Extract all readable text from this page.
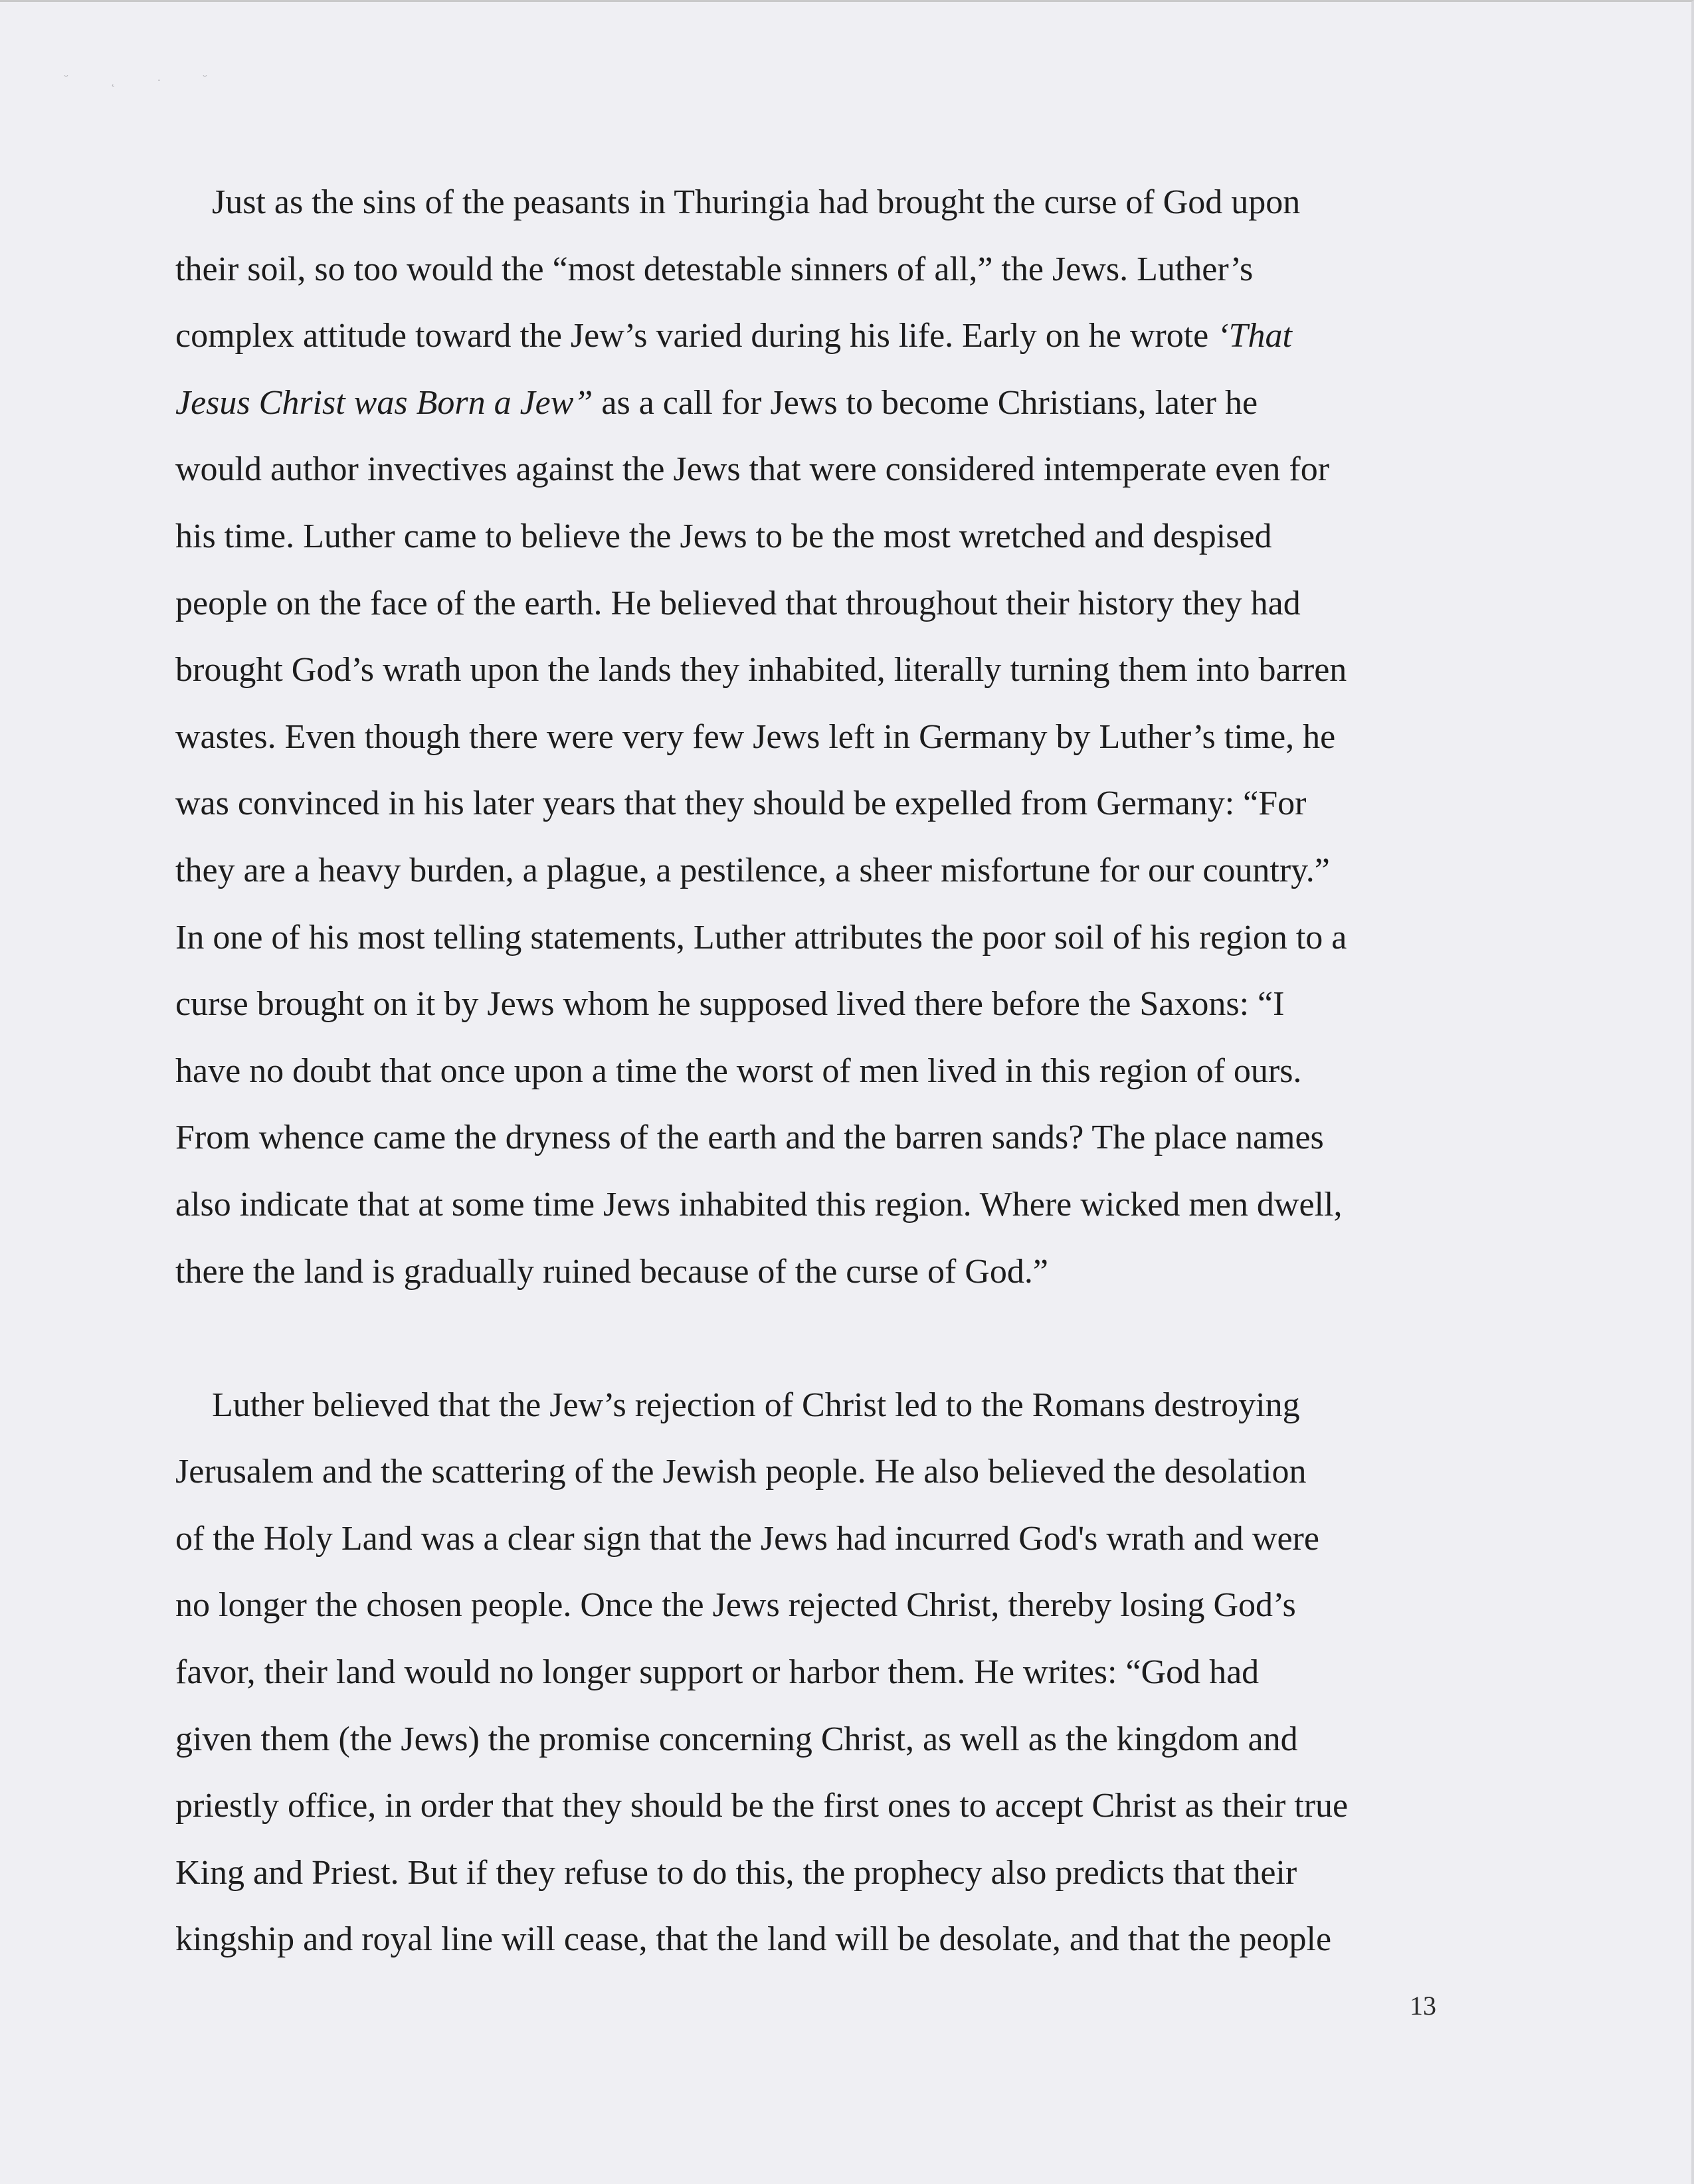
˘ ˛ · ˘

Just as the sins of the peasants in Thuringia had brought the curse of God upon
their soil, so too would the “most detestable sinners of all,” the Jews. Luther’s
complex attitude toward the Jew’s varied during his life. Early on he wrote ‘That
Jesus Christ was Born a Jew” as a call for Jews to become Christians, later he
would author invectives against the Jews that were considered intemperate even for
his time. Luther came to believe the Jews to be the most wretched and despised
people on the face of the earth. He believed that throughout their history they had
brought God’s wrath upon the lands they inhabited, literally turning them into barren
wastes. Even though there were very few Jews left in Germany by Luther’s time, he
was convinced in his later years that they should be expelled from Germany: “For
they are a heavy burden, a plague, a pestilence, a sheer misfortune for our country.”
In one of his most telling statements, Luther attributes the poor soil of his region to a
curse brought on it by Jews whom he supposed lived there before the Saxons: “I
have no doubt that once upon a time the worst of men lived in this region of ours.
From whence came the dryness of the earth and the barren sands? The place names
also indicate that at some time Jews inhabited this region. Where wicked men dwell,
there the land is gradually ruined because of the curse of God.”

Luther believed that the Jew’s rejection of Christ led to the Romans destroying
Jerusalem and the scattering of the Jewish people. He also believed the desolation
of the Holy Land was a clear sign that the Jews had incurred God's wrath and were
no longer the chosen people. Once the Jews rejected Christ, thereby losing God’s
favor, their land would no longer support or harbor them. He writes: “God had
given them (the Jews) the promise concerning Christ, as well as the kingdom and
priestly office, in order that they should be the first ones to accept Christ as their true
King and Priest. But if they refuse to do this, the prophecy also predicts that their
kingship and royal line will cease, that the land will be desolate, and that the people

13
